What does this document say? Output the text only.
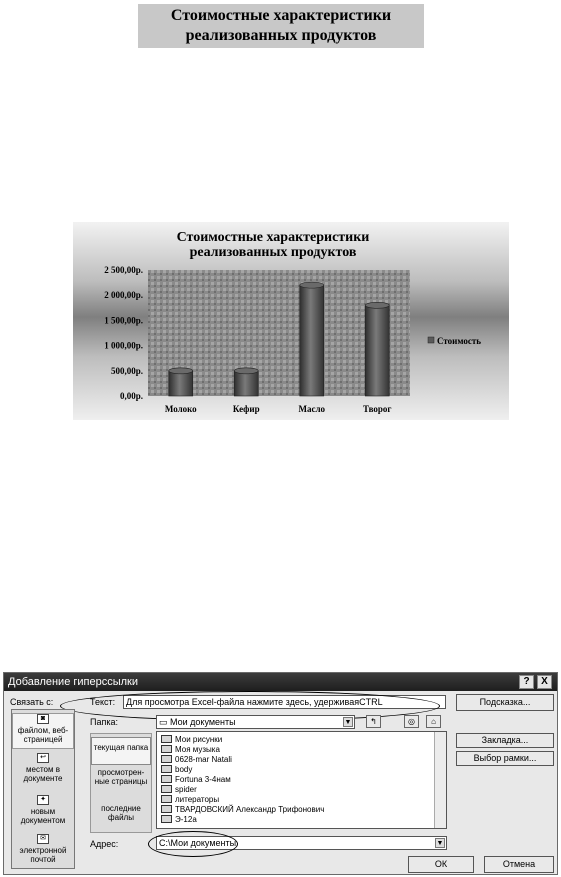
Стоимостные характеристики
реализованных продуктов
Стоимостные характеристики
реализованных продуктов
0,00р.
500,00р.
1 000,00р.
1 500,00р.
2 000,00р.
2 500,00р.
Молоко	Кефир	Масло	Творог
Стоимость
Добавление гиперссылки	?	X
Связать с:	Текст:	Для просмотра Excel-файла нажмите здесь, удерживаяCTRL	Подсказка...
◙
файлом, веб-страницей
↩
местом в документе
✦
новым документом
✉
электронной почтой
Папка:	▭ Мои документы	▼	↰	◎	⌂
текущая папка
просмотрен-ные страницы
последние файлы
Мои рисунки
Моя музыка
0628-mar Natali
body
Fortuna 3-4нам
spider
литераторы
ТВАРДОВСКИЙ Александр Трифонович
Э-12а
Закладка...
Выбор рамки...
Адрес:	C:\Мои документы	▼
ОК	Отмена
